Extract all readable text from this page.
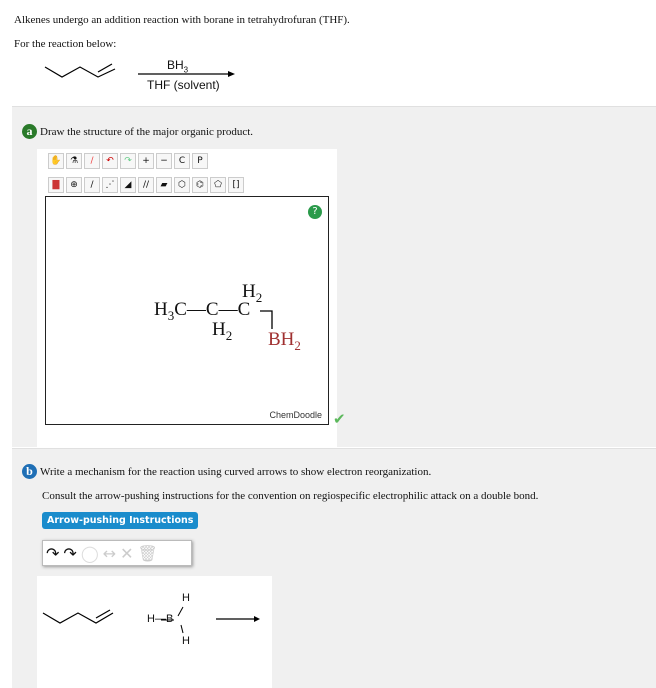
Alkenes undergo an addition reaction with borane in tetrahydrofuran (THF).
For the reaction below:
$BH_3$
THF (solvent)
a Draw the structure of the major organic product.
✋ ⚗	/	↶	↷	+	−	C	P
▇	⊕	/	⋰	◢	//	▰	⬡	⌬	⬠	[]
?
$H_2$
$H_3C—C—C$
$H_2$ $BH_2$
ChemDoodle ✔
b Write a mechanism for the reaction using curved arrows to show electron reorganization.
Consult the arrow-pushing instructions for the convention on regiospecific electrophilic attack on a double bond.
Arrow-pushing Instructions
↷ ↷ ◯ ↔ ✕ 🗑
H
H—B
H
